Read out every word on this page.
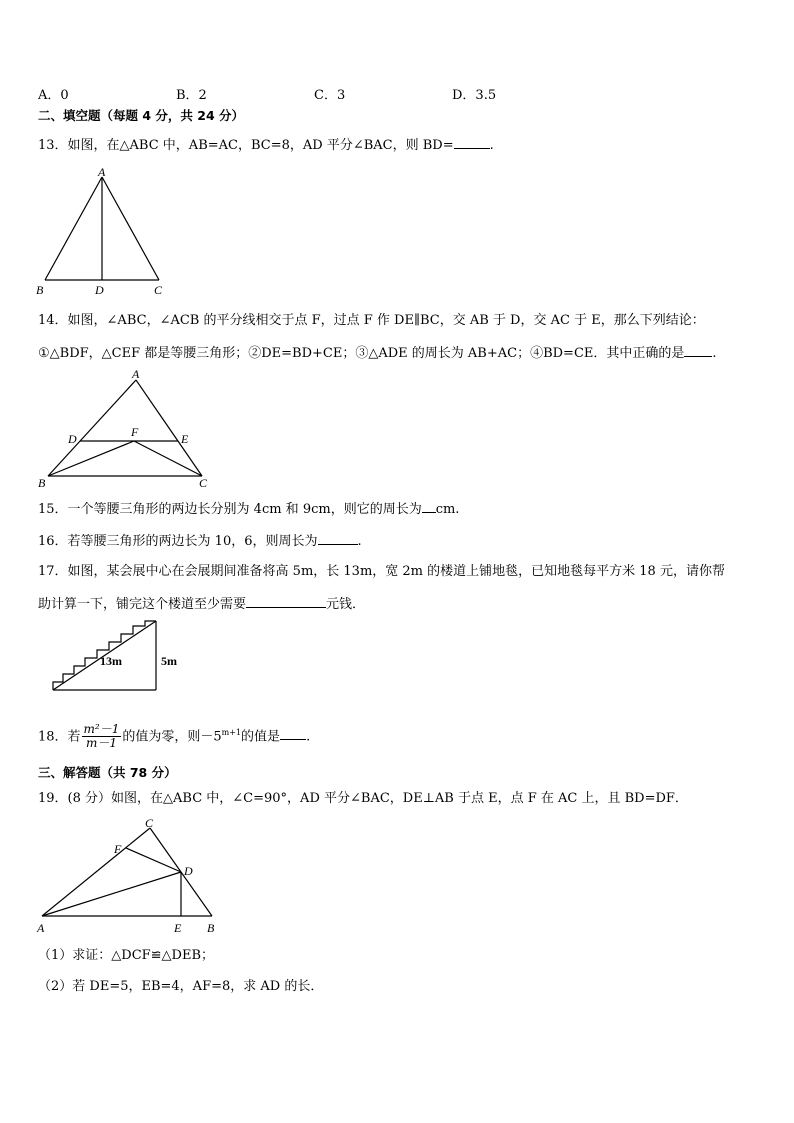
A．0	B．2	C．3	D．3.5
二、填空题（每题 4 分，共 24 分）
13．如图，在△ABC 中，AB=AC，BC=8，AD 平分∠BAC，则 BD=	.
A
B	D	C
14．如图，∠ABC，∠ACB 的平分线相交于点 F，过点 F 作 DE∥BC，交 AB 于 D，交 AC 于 E，那么下列结论：
①△BDF，△CEF 都是等腰三角形；②DE=BD+CE；③△ADE 的周长为 AB+AC；④BD=CE．其中正确的是 .
A
D	F	E
B	C
15．一个等腰三角形的两边长分别为 4cm 和 9cm，则它的周长为 cm.
16．若等腰三角形的两边长为 10，6，则周长为	.
17．如图，某会展中心在会展期间准备将高 5m，长 13m，宽 2m 的楼道上铺地毯，已知地毯每平方米 18 元，请你帮
助计算一下，铺完这个楼道至少需要	元钱．
13m	5m
18．若 $\frac{\text{m²－1}}{m-1}$ 的值为零，则$-5^{m+1}$的值是 .
三、解答题（共 78 分）
19．(8 分）如图，在△ABC 中，∠C=90°，AD 平分∠BAC，DE⊥AB 于点 E，点 F 在 AC 上，且 BD=DF．
C
F
D
A	E B
（1）求证：△DCF≌△DEB；
（2）若 DE=5，EB=4，AF=8，求 AD 的长．
